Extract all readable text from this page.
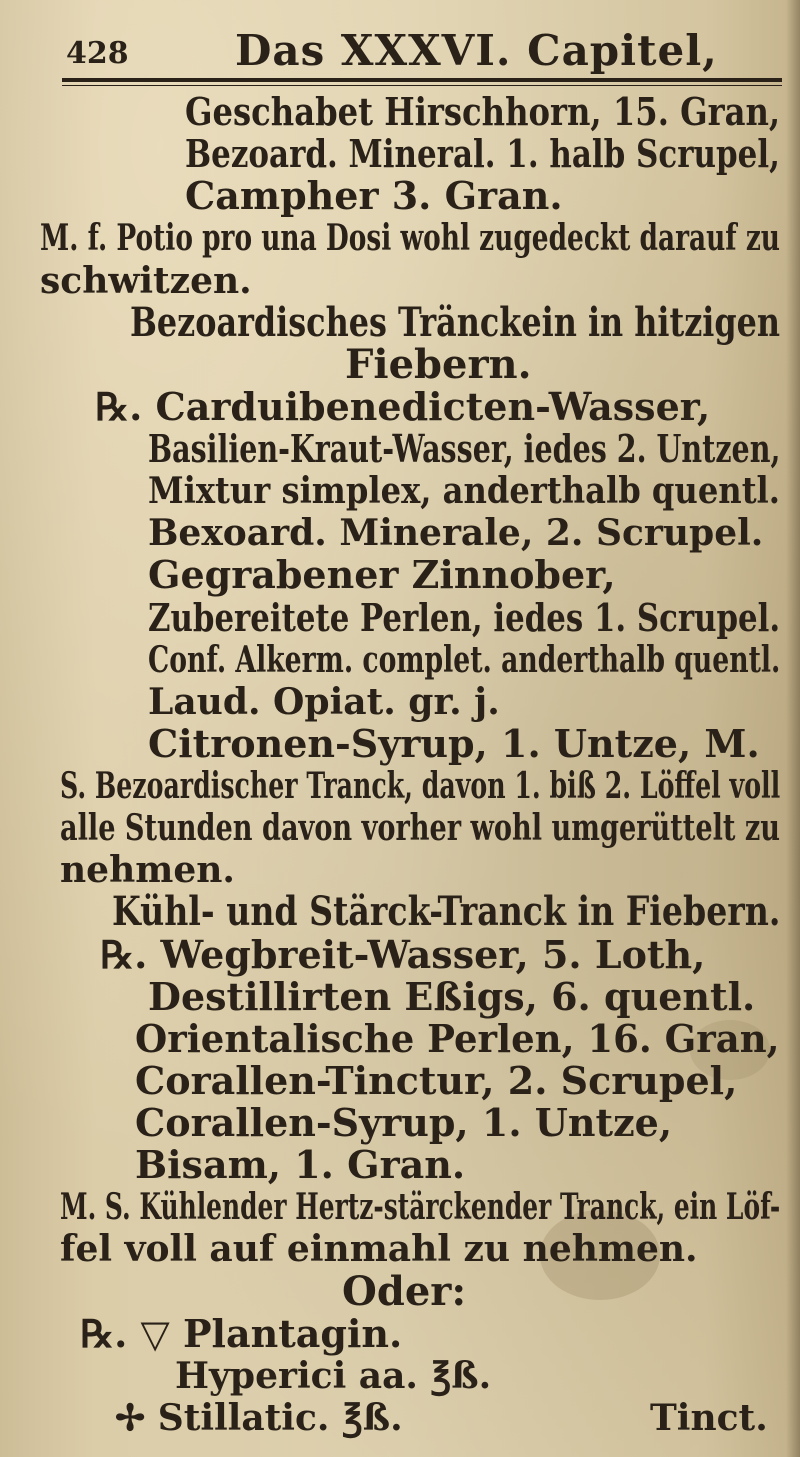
428	Das XXXVI. Capitel,
Geschabet Hirschhorn, 15. Gran,
Bezoard. Mineral. 1. halb Scrupel,
Campher 3. Gran.
M. f. Potio pro una Dosi wohl zugedeckt darauf zu
schwitzen.
Bezoardisches Tränckein in hitzigen
Fiebern.
℞. Carduibenedicten-Wasser,
Basilien-Kraut-Wasser, iedes 2. Untzen,
Mixtur simplex, anderthalb quentl.
Bexoard. Minerale, 2. Scrupel.
Gegrabener Zinnober,
Zubereitete Perlen, iedes 1. Scrupel.
Conf. Alkerm. complet. anderthalb quentl.
Laud. Opiat. gr. j.
Citronen-Syrup, 1. Untze, M.
S. Bezoardischer Tranck, davon 1. biß 2. Löffel voll
alle Stunden davon vorher wohl umgerüttelt zu
nehmen.
Kühl- und Stärck-Tranck in Fiebern.
℞. Wegbreit-Wasser, 5. Loth,
Destillirten Eßigs, 6. quentl.
Orientalische Perlen, 16. Gran,
Corallen-Tinctur, 2. Scrupel,
Corallen-Syrup, 1. Untze,
Bisam, 1. Gran.
M. S. Kühlender Hertz-stärckender Tranck, ein Löf-
fel voll auf einmahl zu nehmen.
Oder:
℞. ▽ Plantagin.
Hyperici aa. ℥ß.
✢ Stillatic. ℥ß.	Tinct.
